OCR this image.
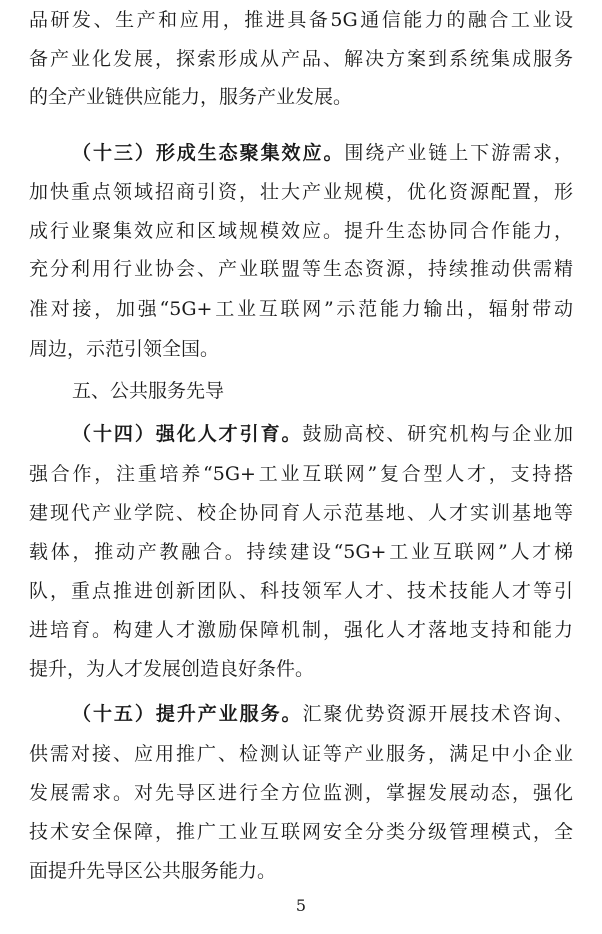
品研发、生产和应用，推进具备5G通信能力的融合工业设
备产业化发展，探索形成从产品、解决方案到系统集成服务
的全产业链供应能力，服务产业发展。
（十三）形成生态聚集效应。围绕产业链上下游需求，
加快重点领域招商引资，壮大产业规模，优化资源配置，形
成行业聚集效应和区域规模效应。提升生态协同合作能力，
充分利用行业协会、产业联盟等生态资源，持续推动供需精
准对接，加强“5G+工业互联网”示范能力输出，辐射带动
周边，示范引领全国。
五、公共服务先导
（十四）强化人才引育。鼓励高校、研究机构与企业加
强合作，注重培养“5G+工业互联网”复合型人才，支持搭
建现代产业学院、校企协同育人示范基地、人才实训基地等
载体，推动产教融合。持续建设“5G+工业互联网”人才梯
队，重点推进创新团队、科技领军人才、技术技能人才等引
进培育。构建人才激励保障机制，强化人才落地支持和能力
提升，为人才发展创造良好条件。
（十五）提升产业服务。汇聚优势资源开展技术咨询、
供需对接、应用推广、检测认证等产业服务，满足中小企业
发展需求。对先导区进行全方位监测，掌握发展动态，强化
技术安全保障，推广工业互联网安全分类分级管理模式，全
面提升先导区公共服务能力。
5
